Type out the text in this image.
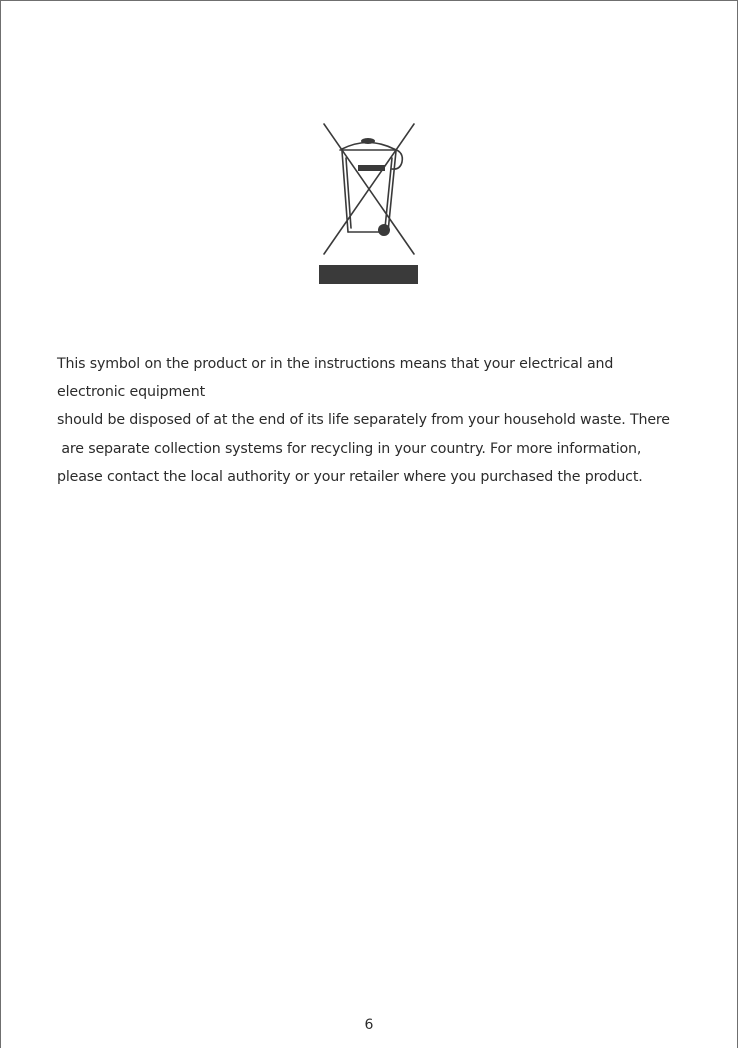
This symbol on the product or in the instructions means that your electrical and
electronic equipment
should be disposed of at the end of its life separately from your household waste. There
are separate collection systems for recycling in your country. For more information,
please contact the local authority or your retailer where you purchased the product.
6
